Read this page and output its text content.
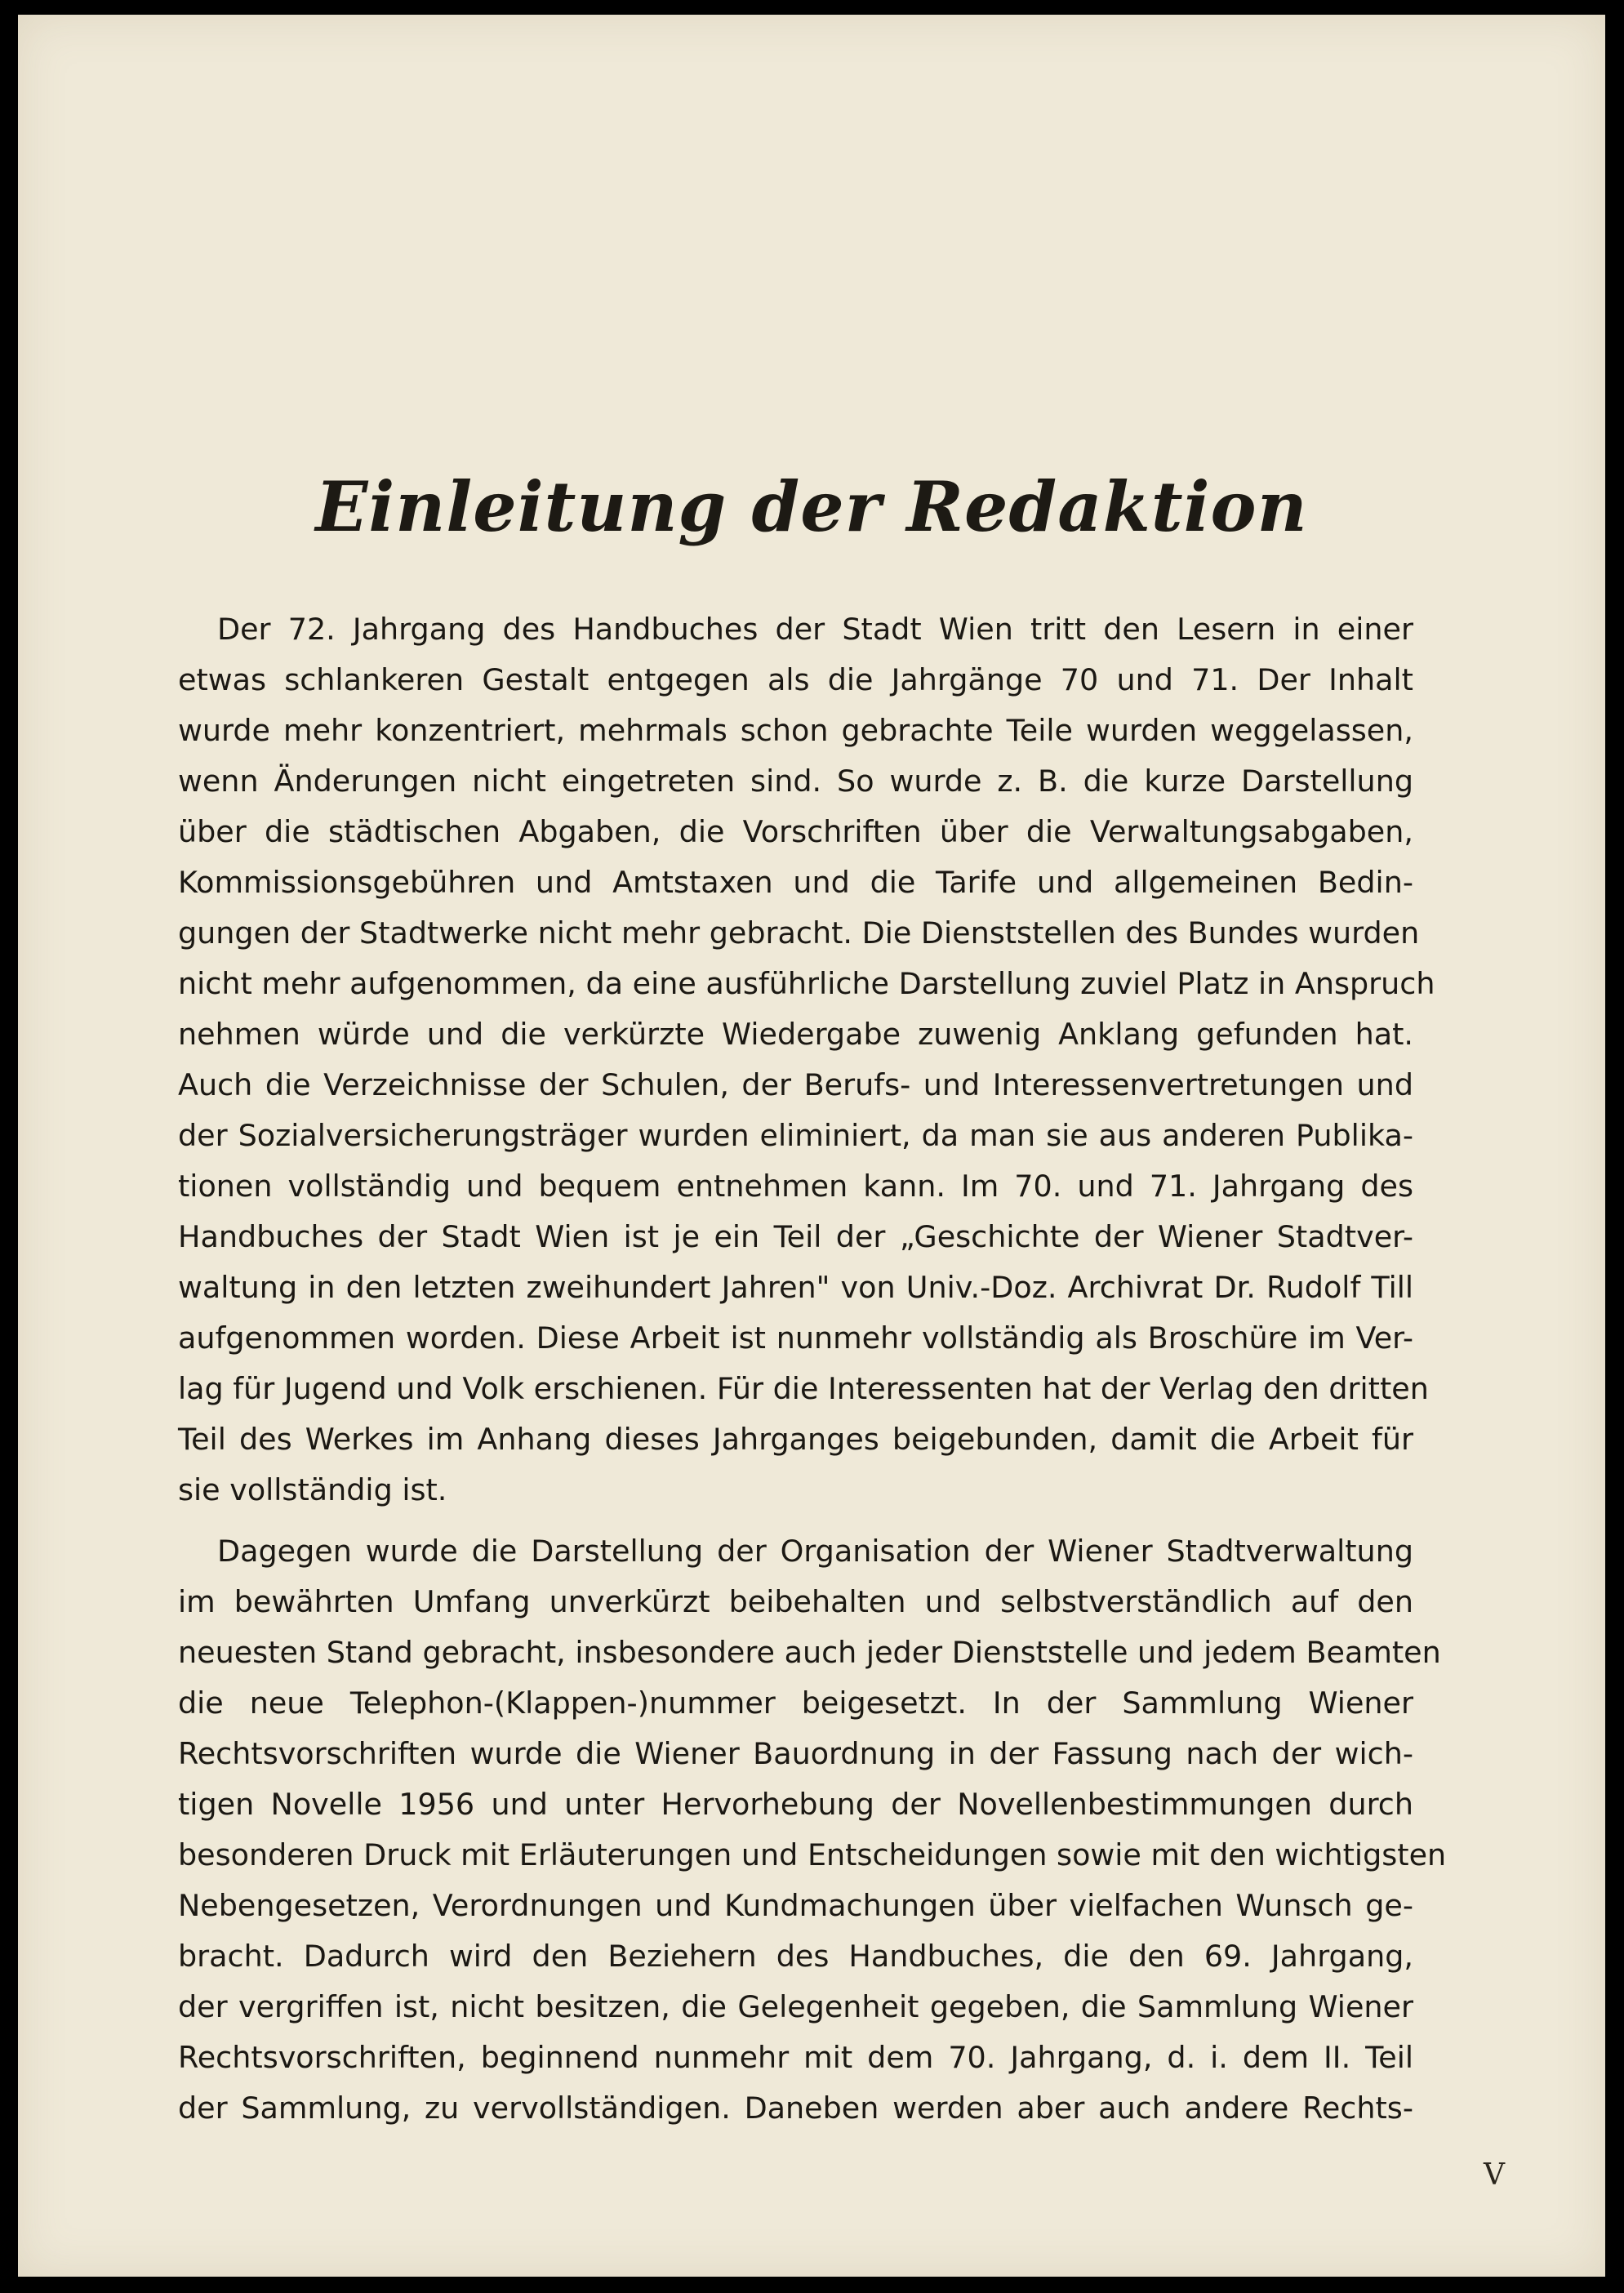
Einleitung der Redaktion

Der 72. Jahrgang des Handbuches der Stadt Wien tritt den Lesern in einer
etwas schlankeren Gestalt entgegen als die Jahrgänge 70 und 71. Der Inhalt
wurde mehr konzentriert, mehrmals schon gebrachte Teile wurden weggelassen,
wenn Änderungen nicht eingetreten sind. So wurde z. B. die kurze Darstellung
über die städtischen Abgaben, die Vorschriften über die Verwaltungsabgaben,
Kommissionsgebühren und Amtstaxen und die Tarife und allgemeinen Bedin-
gungen der Stadtwerke nicht mehr gebracht. Die Dienststellen des Bundes wurden
nicht mehr aufgenommen, da eine ausführliche Darstellung zuviel Platz in Anspruch
nehmen würde und die verkürzte Wiedergabe zuwenig Anklang gefunden hat.
Auch die Verzeichnisse der Schulen, der Berufs- und Interessenvertretungen und
der Sozialversicherungsträger wurden eliminiert, da man sie aus anderen Publika-
tionen vollständig und bequem entnehmen kann. Im 70. und 71. Jahrgang des
Handbuches der Stadt Wien ist je ein Teil der „Geschichte der Wiener Stadtver-
waltung in den letzten zweihundert Jahren" von Univ.-Doz. Archivrat Dr. Rudolf Till
aufgenommen worden. Diese Arbeit ist nunmehr vollständig als Broschüre im Ver-
lag für Jugend und Volk erschienen. Für die Interessenten hat der Verlag den dritten
Teil des Werkes im Anhang dieses Jahrganges beigebunden, damit die Arbeit für
sie vollständig ist.

Dagegen wurde die Darstellung der Organisation der Wiener Stadtverwaltung
im bewährten Umfang unverkürzt beibehalten und selbstverständlich auf den
neuesten Stand gebracht, insbesondere auch jeder Dienststelle und jedem Beamten
die neue Telephon-(Klappen-)nummer beigesetzt. In der Sammlung Wiener
Rechtsvorschriften wurde die Wiener Bauordnung in der Fassung nach der wich-
tigen Novelle 1956 und unter Hervorhebung der Novellenbestimmungen durch
besonderen Druck mit Erläuterungen und Entscheidungen sowie mit den wichtigsten
Nebengesetzen, Verordnungen und Kundmachungen über vielfachen Wunsch ge-
bracht. Dadurch wird den Beziehern des Handbuches, die den 69. Jahrgang,
der vergriffen ist, nicht besitzen, die Gelegenheit gegeben, die Sammlung Wiener
Rechtsvorschriften, beginnend nunmehr mit dem 70. Jahrgang, d. i. dem II. Teil
der Sammlung, zu vervollständigen. Daneben werden aber auch andere Rechts-

V
